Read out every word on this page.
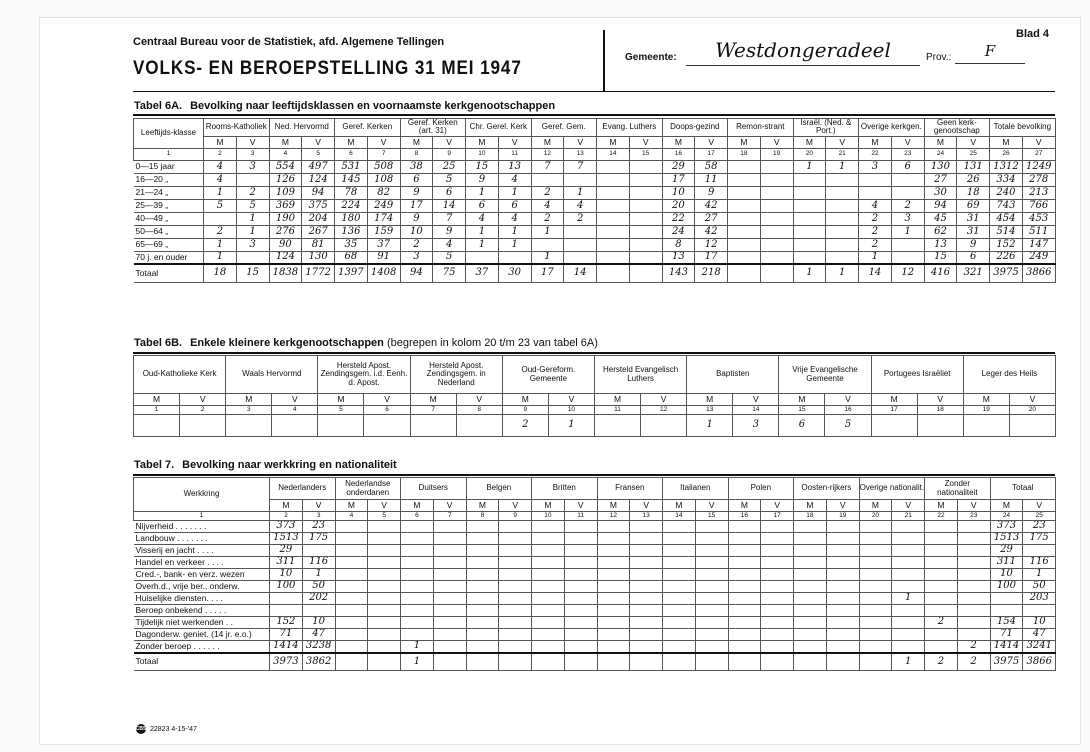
Centraal Bureau voor de Statistiek, afd. Algemene Tellingen
VOLKS- EN BEROEPSTELLING 31 MEI 1947
Gemeente:	Westdongeradeel	Prov.:	F
Blad 4
Tabel 6A. Bevolking naar leeftijdsklassen en voornaamste kerkgenootschappen
Leeftijds-klasse	Rooms-Katholiek		Ned. Hervormd		Geref. Kerken		Geref. Kerken (art. 31)		Chr. Gerel. Kerk		Geref. Gem.		Evang. Luthers		Doops-gezind		Remon-strant		Israël. (Ned. & Port.)		Overige kerkgen.		Geen kerk-genootschap		Totale bevolking	
	M	V	M	V	M	V	M	V	M	V	M	V	M	V	M	V	M	V	M	V	M	V	M	V	M	V
1	2	3	4	5	6	7	8	9	10	11	12	13	14	15	16	17	18	19	20	21	22	23	24	25	26	27
0—15 jaar	4	3	554	497	531	508	38	25	15	13	7	7			29	58			1	1	3	6	130	131	1312	1249
16—20 „	4		126	124	145	108	6	5	9	4					17	11							27	26	334	278
21—24 „	1	2	109	94	78	82	9	6	1	1	2	1			10	9							30	18	240	213
25—39 „	5	5	369	375	224	249	17	14	6	6	4	4			20	42					4	2	94	69	743	766
40—49 „		1	190	204	180	174	9	7	4	4	2	2			22	27					2	3	45	31	454	453
50—64 „	2	1	276	267	136	159	10	9	1	1	1				24	42					2	1	62	31	514	511
65—69 „	1	3	90	81	35	37	2	4	1	1					8	12					2		13	9	152	147
70 j. en ouder	1		124	130	68	91	3	5			1				13	17					1		15	6	226	249
Totaal	18	15	1838	1772	1397	1408	94	75	37	30	17	14			143	218			1	1	14	12	416	321	3975	3866
Tabel 6B. Enkele kleinere kerkgenootschappen (begrepen in kolom 20 t/m 23 van tabel 6A)
Oud-Katholieke Kerk		Waals Hervormd		Hersteld Apost. Zendingsgem. i.d. Eenh. d. Apost.		Hersteld Apost. Zendingsgem. in Nederland		Oud-Gereform. Gemeente		Hersteld Evangelisch Luthers		Baptisten		Vrije Evangelische Gemeente		Portugees Israëliet		Leger des Heils	
M	V	M	V	M	V	M	V	M	V	M	V	M	V	M	V	M	V	M	V
1	2	3	4	5	6	7	8	9	10	11	12	13	14	15	16	17	18	19	20
								2	1			1	3	6	5				
Tabel 7. Bevolking naar werkkring en nationaliteit
Werkkring	Nederlanders		Nederlandse onderdanen		Duitsers		Belgen		Britten		Fransen		Italianen		Polen		Oosten-rijkers		Overige nationalit.		Zonder nationaliteit		Totaal	
	M	V	M	V	M	V	M	V	M	V	M	V	M	V	M	V	M	V	M	V	M	V	M	V
1	2	3	4	5	6	7	8	9	10	11	12	13	14	15	16	17	18	19	20	21	22	23	24	25
Nijverheid . . . . . . .	373	23																					373	23
Landbouw . . . . . . .	1513	175																					1513	175
Visserij en jacht . . . .	29																						29	
Handel en verkeer . . . .	311	116																					311	116
Cred.-, bank- en verz. wezen	10	1																					10	1
Overh.d., vrije ber., onderw.	100	50																					100	50
Huiselijke diensten. . . .		202																		1				203
Beroep onbekend . . . . .																								
Tijdelijk niet werkenden . .	152	10																			2		154	10
Dagonderw. geniet. (14 jr. e.o.)	71	47																					71	47
Zonder beroep . . . . . .	1414	3238			1																	2	1414	3241
Totaal	3973	3862			1															1	2	2	3975	3866
CBS 22823 4-15-'47
